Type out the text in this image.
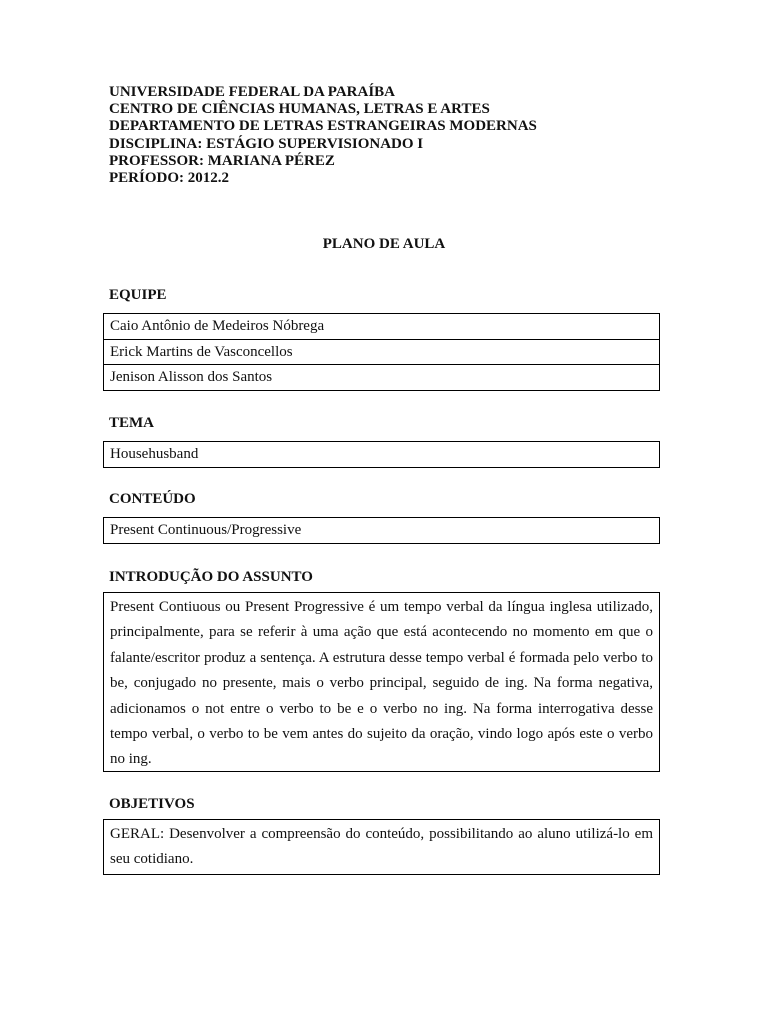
UNIVERSIDADE FEDERAL DA PARAÍBA
CENTRO DE CIÊNCIAS HUMANAS, LETRAS E ARTES
DEPARTAMENTO DE LETRAS ESTRANGEIRAS MODERNAS
DISCIPLINA: ESTÁGIO SUPERVISIONADO I
PROFESSOR: MARIANA PÉREZ
PERÍODO: 2012.2
PLANO DE AULA
EQUIPE
Caio Antônio de Medeiros Nóbrega
Erick Martins de Vasconcellos
Jenison Alisson dos Santos
TEMA
Househusband
CONTEÚDO
Present Continuous/Progressive
INTRODUÇÃO DO ASSUNTO
Present Contiuous ou Present Progressive é um tempo verbal da língua inglesa utilizado, principalmente, para se referir à uma ação que está acontecendo no momento em que o falante/escritor produz a sentença. A estrutura desse tempo verbal é formada pelo verbo to be, conjugado no presente, mais o verbo principal, seguido de ing. Na forma negativa, adicionamos o not entre o verbo to be e o verbo no ing. Na forma interrogativa desse tempo verbal, o verbo to be vem antes do sujeito da oração, vindo logo após este o verbo no ing.
OBJETIVOS
GERAL: Desenvolver a compreensão do conteúdo, possibilitando ao aluno utilizá-lo em seu cotidiano.
